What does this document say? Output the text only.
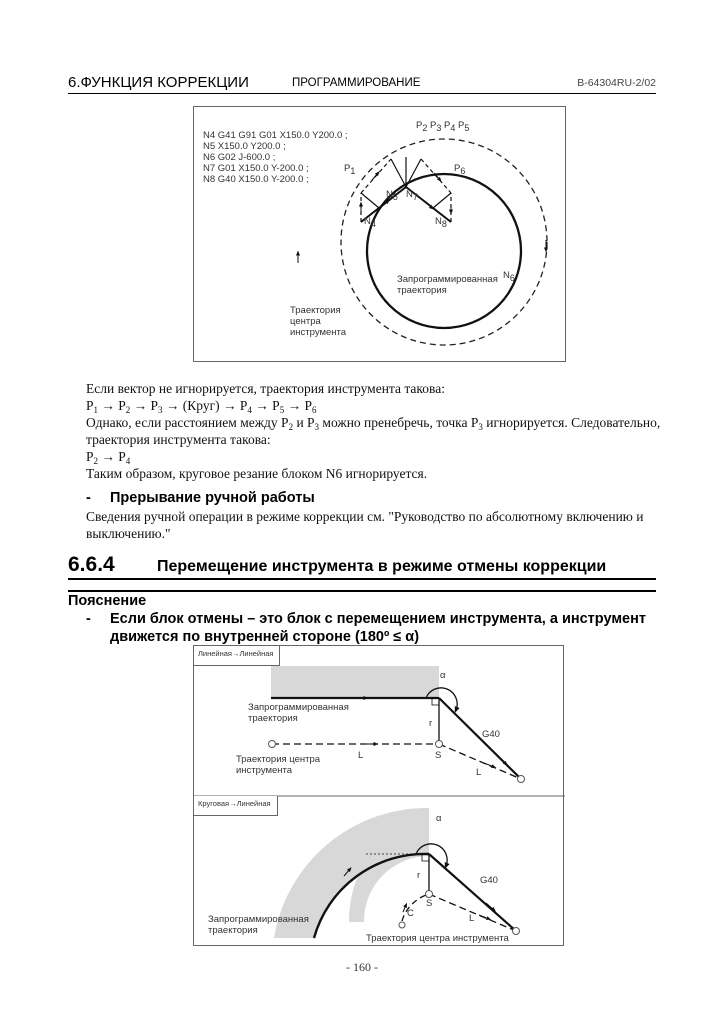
6.ФУНКЦИЯ КОРРЕКЦИИ	ПРОГРАММИРОВАНИЕ	B-64304RU-2/02
N4 G41 G91 G01 X150.0 Y200.0 ;
N5 X150.0 Y200.0 ;
N6 G02 J-600.0 ;
N7 G01 X150.0 Y-200.0 ;
N8 G40 X150.0 Y-200.0 ;
$P_2$ $P_3$ $P_4$ $P_5$
$P_1$	$P_6$
$N_4$
$N_5$ $N_7$
$N_8$
$N_6$
Запрограммированная
траектория
Траектория
центра
инструмента
Если вектор не игнорируется, траектория инструмента такова:
$P_1 \to P_2 \to P_3$ → (Круг) → $P_4 \to P_5 \to P_6$
Однако, если расстоянием между $P_2$ и $P_3$ можно пренебречь, точка $P_3$ игнорируется. Следовательно,
траектория инструмента такова:
$P_2 \to P_4$
Таким образом, круговое резание блоком N6 игнорируется.
- Прерывание ручной работы
Сведения ручной операции в режиме коррекции см. "Руководство по абсолютному включению и
выключению."
6.6.4	Перемещение инструмента в режиме отмены коррекции
Пояснение
- Если блок отмены – это блок с перемещением инструмента, а инструмент
движется по внутренней стороне (180º ≤ α)
Линейная→Линейная
α
r
G40
S
L
L
Запрограммированная
траектория
Траектория центра
инструмента
Круговая→Линейная
α
r	G40
S
C	L
Запрограммированная
траектория
Траектория центра инструмента
- 160 -
